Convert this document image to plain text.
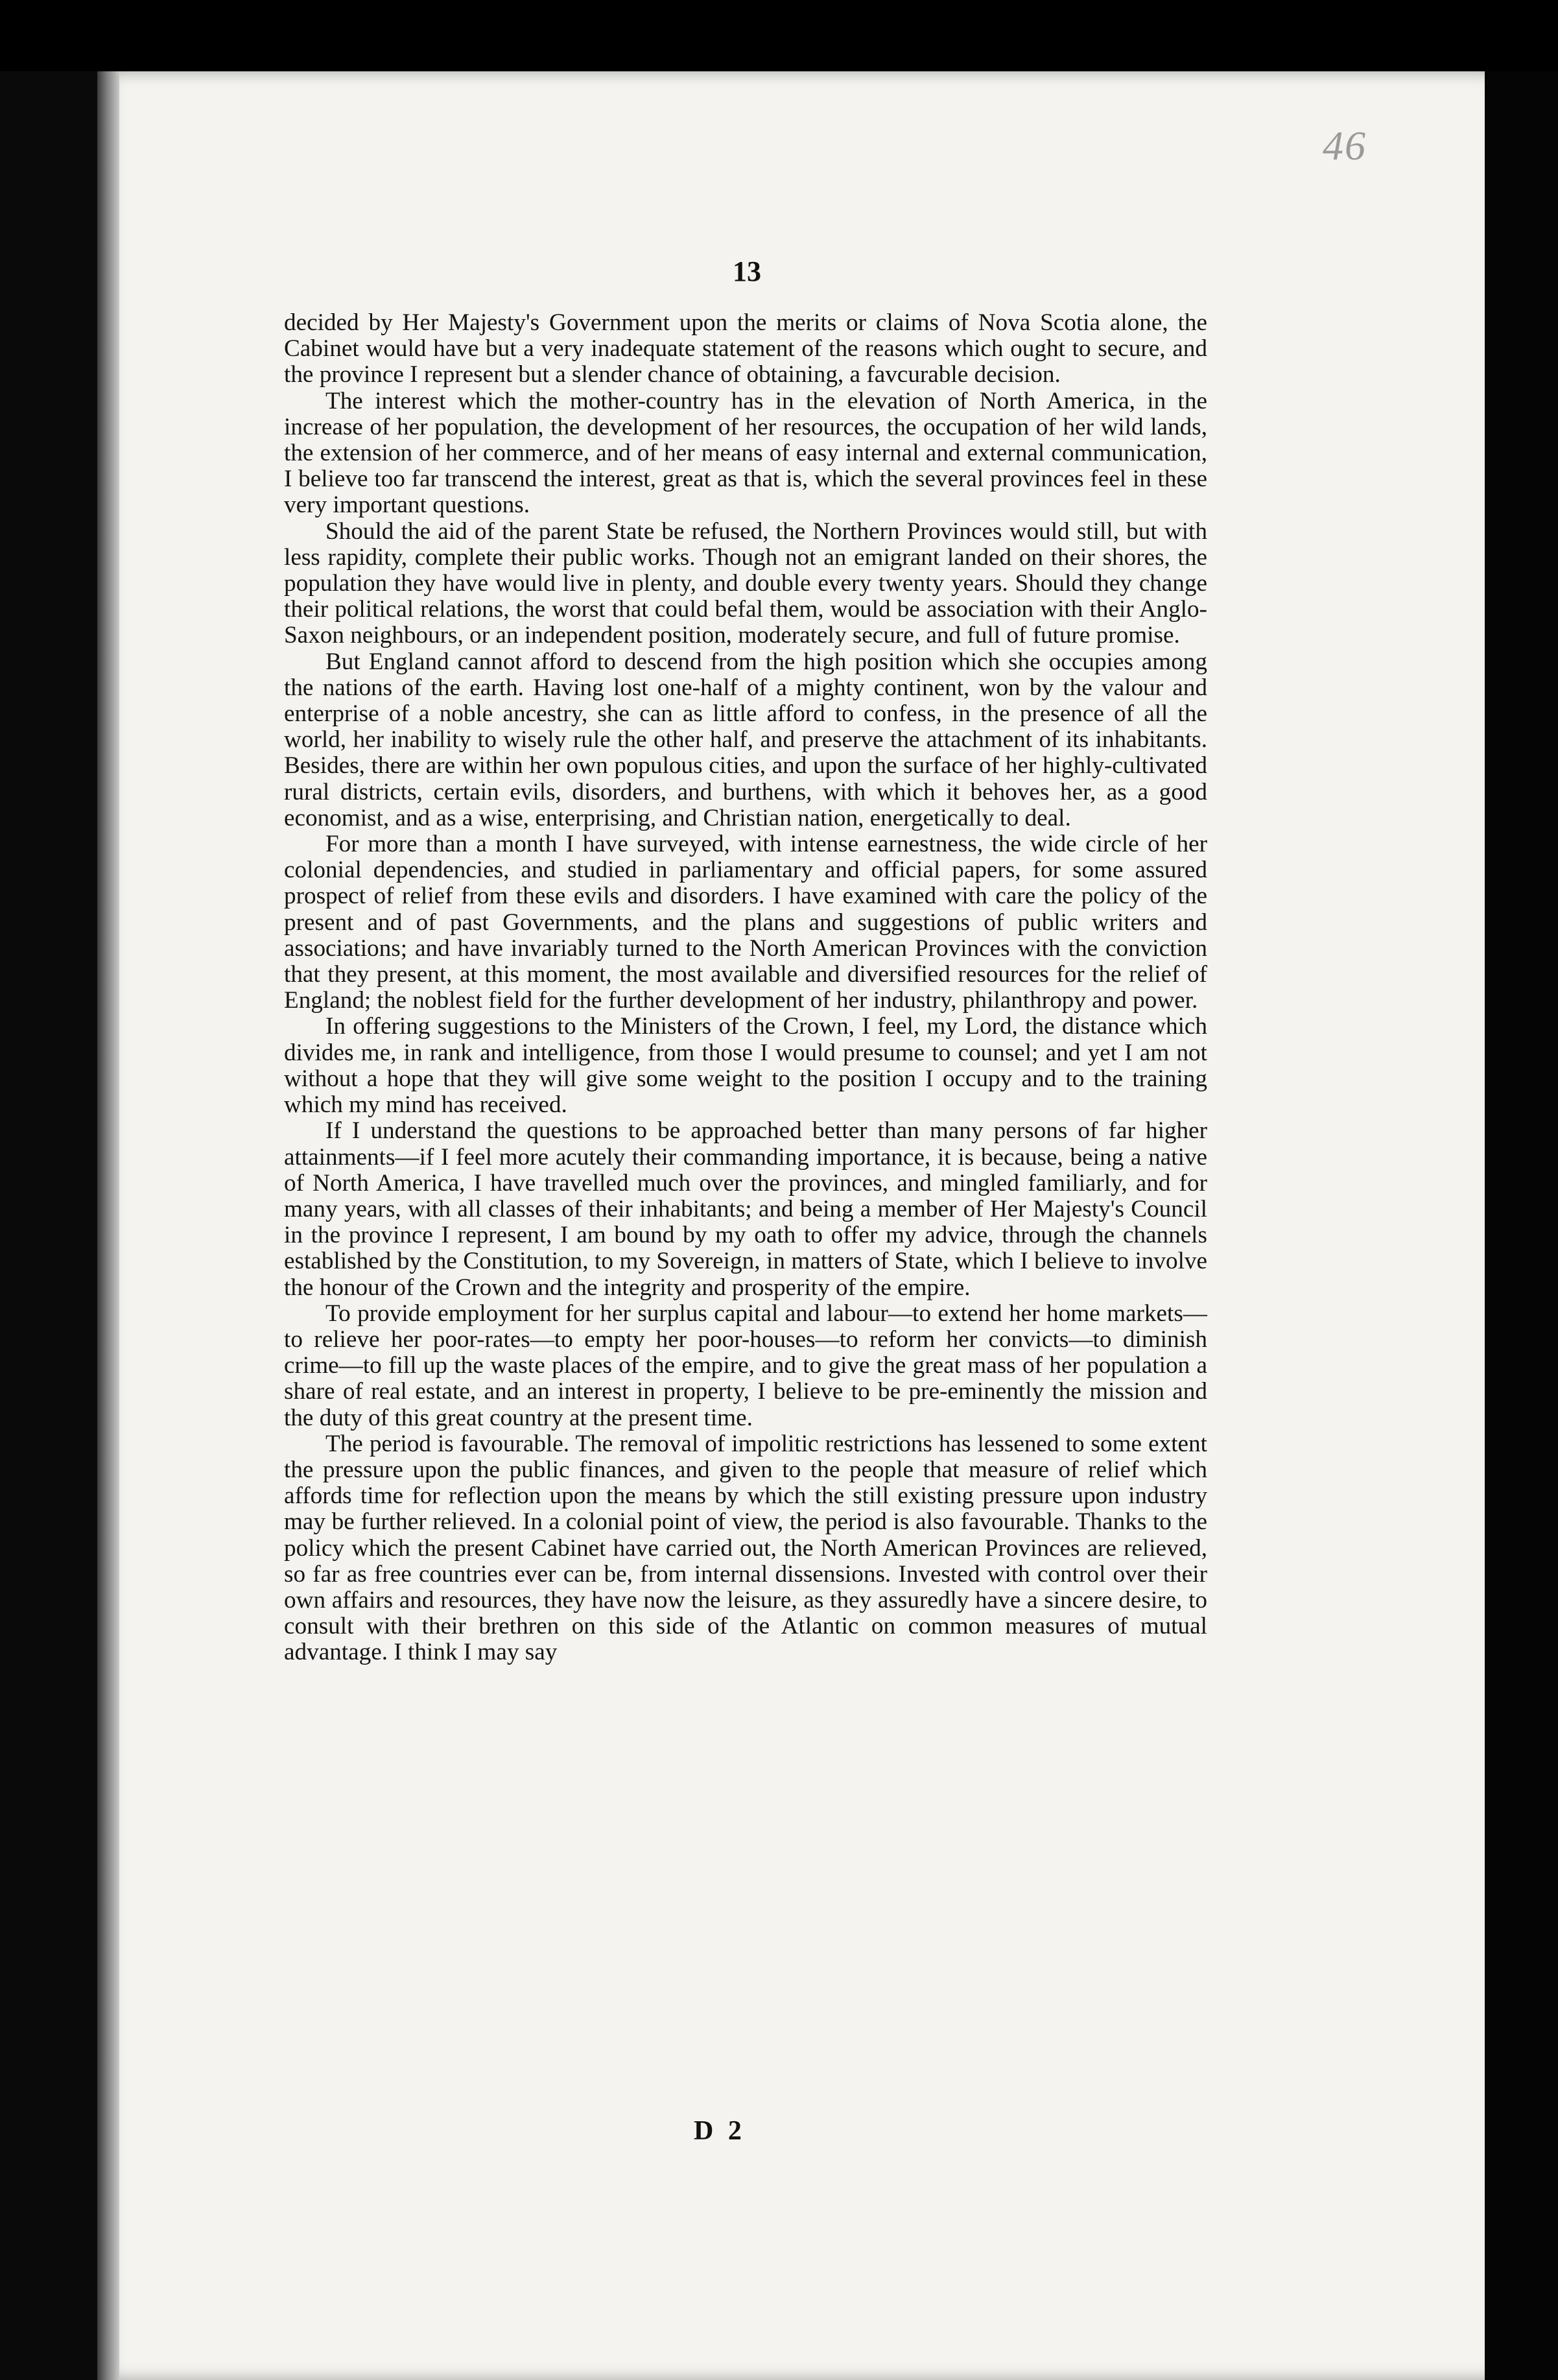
46
13

decided by Her Majesty's Government upon the merits or claims of Nova Scotia alone, the Cabinet would have but a very inadequate statement of the reasons which ought to secure, and the province I represent but a slender chance of obtaining, a favcurable decision.

The interest which the mother-country has in the elevation of North America, in the increase of her population, the development of her resources, the occupation of her wild lands, the extension of her commerce, and of her means of easy internal and external communication, I believe too far transcend the interest, great as that is, which the several provinces feel in these very important questions.

Should the aid of the parent State be refused, the Northern Provinces would still, but with less rapidity, complete their public works. Though not an emigrant landed on their shores, the population they have would live in plenty, and double every twenty years. Should they change their political relations, the worst that could befal them, would be association with their Anglo-Saxon neighbours, or an independent position, moderately secure, and full of future promise.

But England cannot afford to descend from the high position which she occupies among the nations of the earth. Having lost one-half of a mighty continent, won by the valour and enterprise of a noble ancestry, she can as little afford to confess, in the presence of all the world, her inability to wisely rule the other half, and preserve the attachment of its inhabitants. Besides, there are within her own populous cities, and upon the surface of her highly-cultivated rural districts, certain evils, disorders, and burthens, with which it behoves her, as a good economist, and as a wise, enterprising, and Christian nation, energetically to deal.

For more than a month I have surveyed, with intense earnestness, the wide circle of her colonial dependencies, and studied in parliamentary and official papers, for some assured prospect of relief from these evils and disorders. I have examined with care the policy of the present and of past Governments, and the plans and suggestions of public writers and associations; and have invariably turned to the North American Provinces with the conviction that they present, at this moment, the most available and diversified resources for the relief of England; the noblest field for the further development of her industry, philanthropy and power.

In offering suggestions to the Ministers of the Crown, I feel, my Lord, the distance which divides me, in rank and intelligence, from those I would presume to counsel; and yet I am not without a hope that they will give some weight to the position I occupy and to the training which my mind has received.

If I understand the questions to be approached better than many persons of far higher attainments—if I feel more acutely their commanding importance, it is because, being a native of North America, I have travelled much over the provinces, and mingled familiarly, and for many years, with all classes of their inhabitants; and being a member of Her Majesty's Council in the province I represent, I am bound by my oath to offer my advice, through the channels established by the Constitution, to my Sovereign, in matters of State, which I believe to involve the honour of the Crown and the integrity and prosperity of the empire.

To provide employment for her surplus capital and labour—to extend her home markets—to relieve her poor-rates—to empty her poor-houses—to reform her convicts—to diminish crime—to fill up the waste places of the empire, and to give the great mass of her population a share of real estate, and an interest in property, I believe to be pre-eminently the mission and the duty of this great country at the present time.

The period is favourable. The removal of impolitic restrictions has lessened to some extent the pressure upon the public finances, and given to the people that measure of relief which affords time for reflection upon the means by which the still existing pressure upon industry may be further relieved. In a colonial point of view, the period is also favourable. Thanks to the policy which the present Cabinet have carried out, the North American Provinces are relieved, so far as free countries ever can be, from internal dissensions. Invested with control over their own affairs and resources, they have now the leisure, as they assuredly have a sincere desire, to consult with their brethren on this side of the Atlantic on common measures of mutual advantage. I think I may say

D 2
